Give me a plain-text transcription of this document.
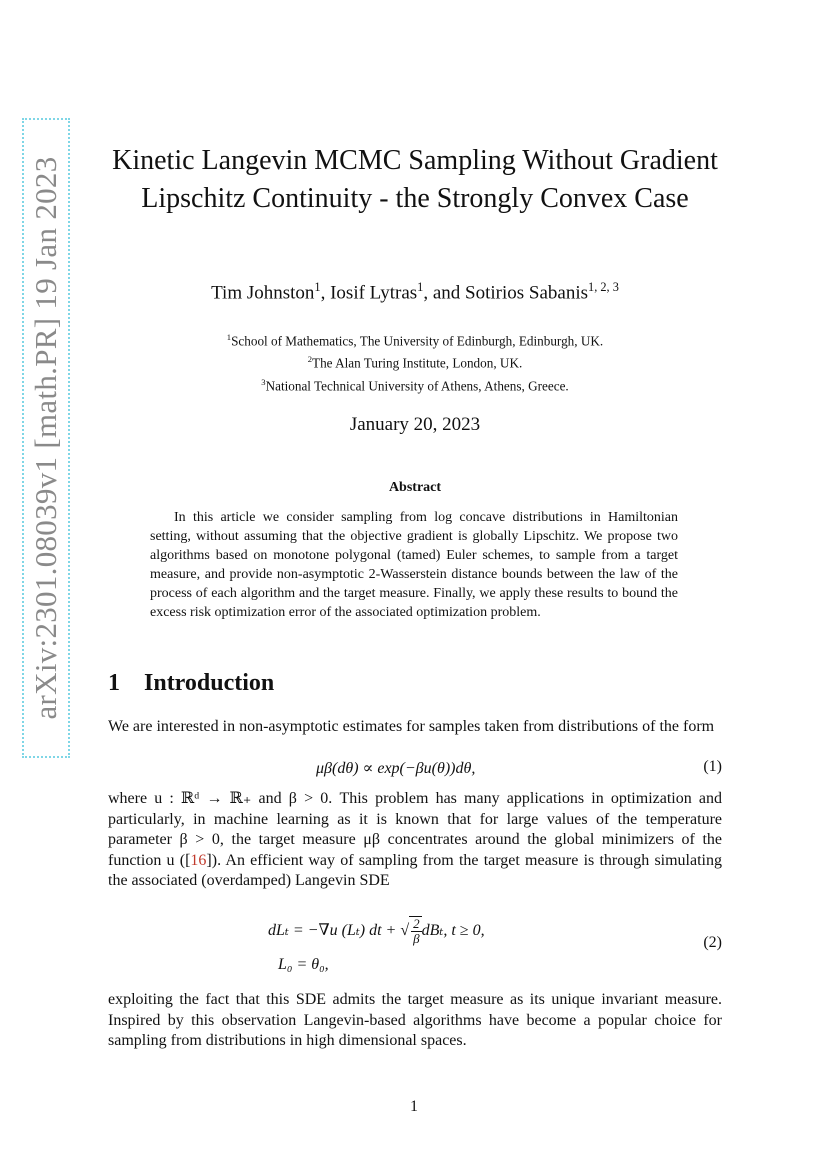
arXiv:2301.08039v1 [math.PR] 19 Jan 2023 Kinetic Langevin MCMC Sampling Without Gradient Lipschitz Continuity - the Strongly Convex Case
Tim Johnston$^1$, Iosif Lytras$^1$, and Sotirios Sabanis$^{1, 2, 3}$
$^1$School of Mathematics, The University of Edinburgh, Edinburgh, UK.
$^2$The Alan Turing Institute, London, UK.
$^3$National Technical University of Athens, Athens, Greece.
January 20, 2023
Abstract
In this article we consider sampling from log concave distributions in Hamiltonian setting, without assuming that the objective gradient is globally Lipschitz. We propose two algorithms based on monotone polygonal (tamed) Euler schemes, to sample from a target measure, and provide non-asymptotic 2-Wasserstein distance bounds between the law of the process of each algorithm and the target measure. Finally, we apply these results to bound the excess risk optimization error of the associated optimization problem.
1 Introduction
We are interested in non-asymptotic estimates for samples taken from distributions of the form
μβ(dθ) ∝ exp(−βu(θ))dθ,	(1)
where u : ℝᵈ → ℝ₊ and β > 0. This problem has many applications in optimization and particularly, in machine learning as it is known that for large values of the temperature parameter β > 0, the target measure μβ concentrates around the global minimizers of the function u ([16]). An efficient way of sampling from the target measure is through simulating the associated (overdamped) Langevin SDE
dLₜ = −∇u (Lₜ) dt + √ $\frac{2}{\beta} dB_t$, t ≥ 0,
L₀ = θ₀,
(2)
exploiting the fact that this SDE admits the target measure as its unique invariant measure. Inspired by this observation Langevin-based algorithms have become a popular choice for sampling from distributions in high dimensional spaces.
1
